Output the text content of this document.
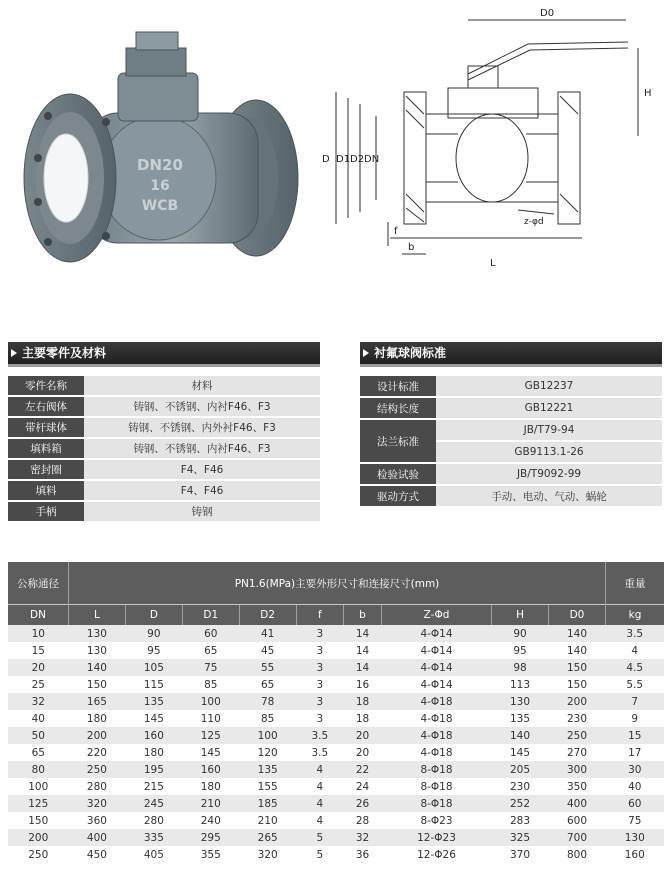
DN20
16
WCB
D0
H
D D1 D2 DN
f
b
L
z-φd
主要零件及材料
零件名称	材料
左右阀体	铸钢、不锈钢、内衬F46、F3
带杆球体	铸钢、不锈钢、内外衬F46、F3
填料箱	铸钢、不锈钢、内衬F46、F3
密封圈	F4、F46
填料	F4、F46
手柄	铸钢
衬氟球阀标准
设计标准	GB12237
结构长度	GB12221
法兰标准	JB/T79-94
	GB9113.1-26
检验试验	JB/T9092-99
驱动方式	手动、电动、气动、蜗轮
公称通径	PN1.6(MPa)主要外形尺寸和连接尺寸(mm)									重量
DN	L	D	D1	D2	f	b	Z-Φd	H	D0	kg
10	130	90	60	41	3	14	4-Φ14	90	140	3.5
15	130	95	65	45	3	14	4-Φ14	95	140	4
20	140	105	75	55	3	14	4-Φ14	98	150	4.5
25	150	115	85	65	3	16	4-Φ14	113	150	5.5
32	165	135	100	78	3	18	4-Φ18	130	200	7
40	180	145	110	85	3	18	4-Φ18	135	230	9
50	200	160	125	100	3.5	20	4-Φ18	140	250	15
65	220	180	145	120	3.5	20	4-Φ18	145	270	17
80	250	195	160	135	4	22	8-Φ18	205	300	30
100	280	215	180	155	4	24	8-Φ18	230	350	40
125	320	245	210	185	4	26	8-Φ18	252	400	60
150	360	280	240	210	4	28	8-Φ23	283	600	75
200	400	335	295	265	5	32	12-Φ23	325	700	130
250	450	405	355	320	5	36	12-Φ26	370	800	160
